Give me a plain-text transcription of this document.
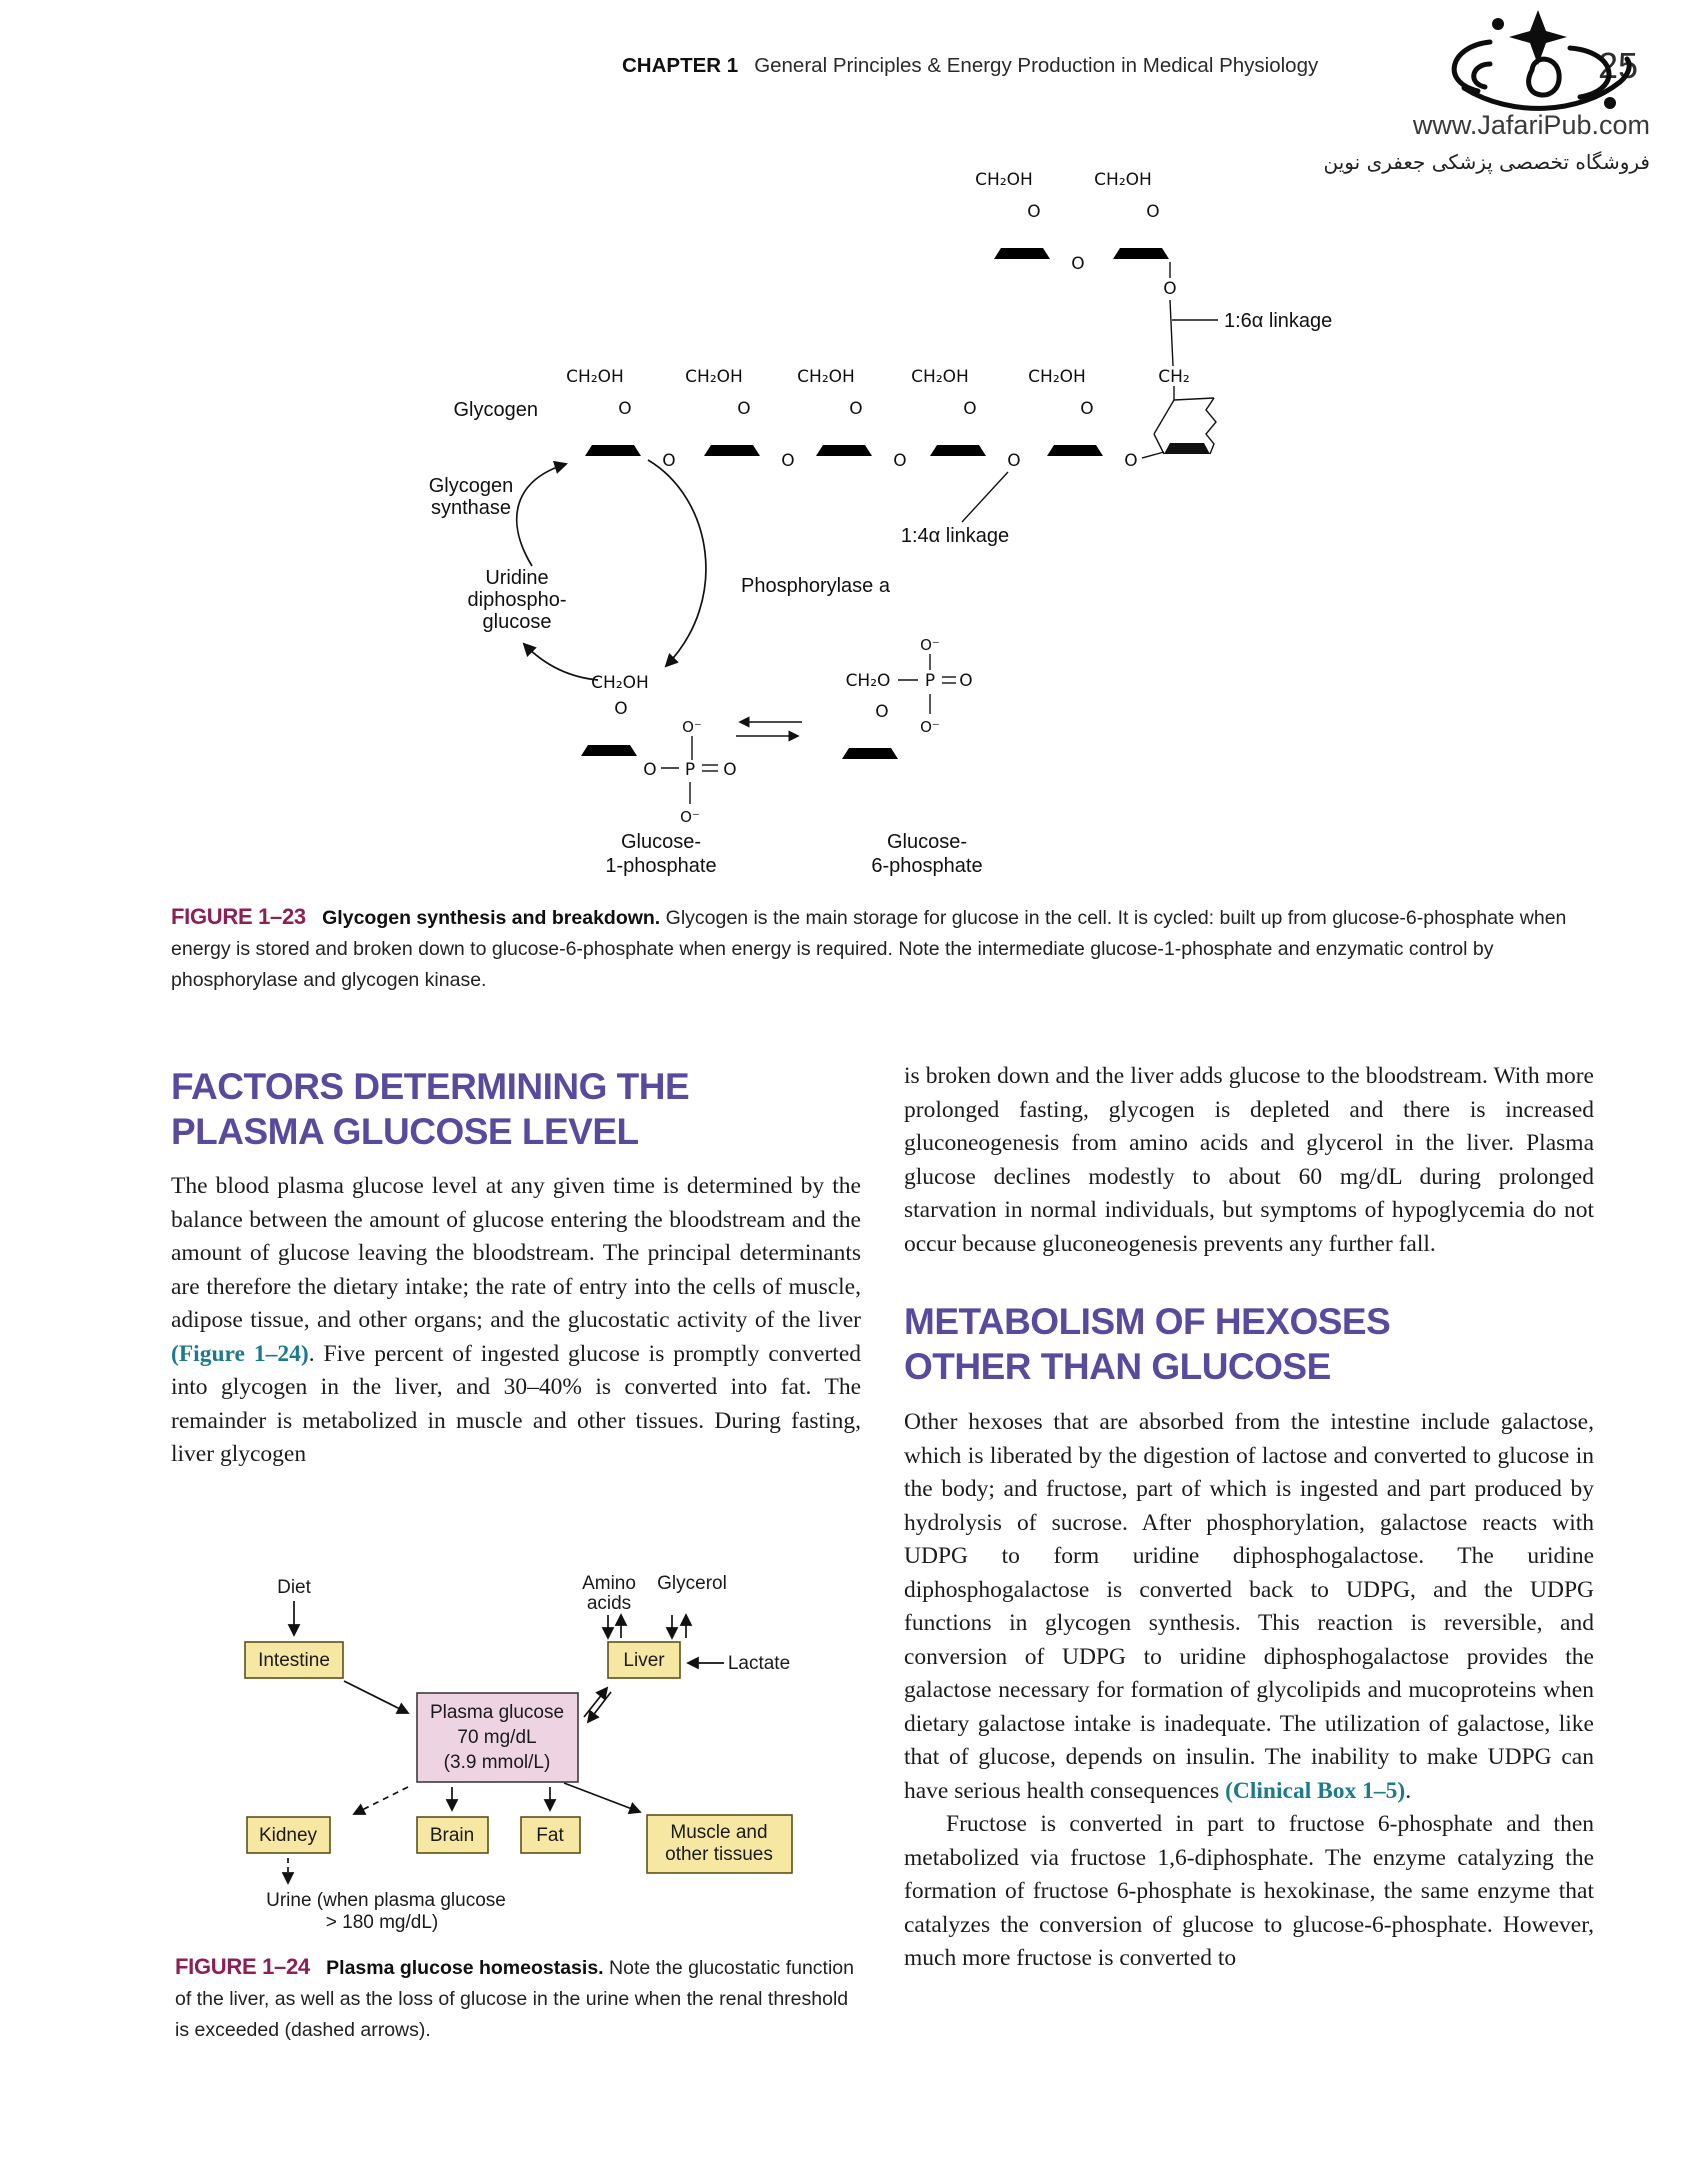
CHAPTER 1 General Principles & Energy Production in Medical Physiology	25
www.JafariPub.com
فروشگاه تخصصی پزشکی جعفری نوین
CH₂OH	CH₂OH
O	O
O
O
CH₂OH	CH₂OH	CH₂OH	CH₂OH	CH₂OH	CH₂
O	O	O	O	O
O	O	O	O	O
CH₂OH
O
O⁻
O P O
O⁻
CH₂O P O
O⁻
O⁻
O
Glycogen
Glycogen
synthase
Uridine
diphospho-
glucose
Phosphorylase a
1:6α linkage
1:4α linkage
Glucose-
1-phosphate
Glucose-
6-phosphate
FIGURE 1–23 Glycogen synthesis and breakdown. Glycogen is the main storage for glucose in the cell. It is cycled: built up from glucose-6-phosphate when energy is stored and broken down to glucose-6-phosphate when energy is required. Note the intermediate glucose-1-phosphate and enzymatic control by phosphorylase and glycogen kinase.
FACTORS DETERMINING THE
PLASMA GLUCOSE LEVEL

The blood plasma glucose level at any given time is determined by the balance between the amount of glucose entering the bloodstream and the amount of glucose leaving the bloodstream. The principal determinants are therefore the dietary intake; the rate of entry into the cells of muscle, adipose tissue, and other organs; and the glucostatic activity of the liver (Figure 1–24). Five percent of ingested glucose is promptly converted into glycogen in the liver, and 30–40% is converted into fat. The remainder is metabolized in muscle and other tissues. During fasting, liver glycogen

Diet
Intestine
Amino
acids
Glycerol
Liver	Lactate
Plasma glucose
70 mg/dL
(3.9 mmol/L)
Kidney	Brain	Fat	Muscle and
other tissues
Urine (when plasma glucose
> 180 mg/dL)
FIGURE 1–24 Plasma glucose homeostasis. Note the glucostatic function of the liver, as well as the loss of glucose in the urine when the renal threshold is exceeded (dashed arrows).

is broken down and the liver adds glucose to the bloodstream. With more prolonged fasting, glycogen is depleted and there is increased gluconeogenesis from amino acids and glycerol in the liver. Plasma glucose declines modestly to about 60 mg/dL during prolonged starvation in normal individuals, but symptoms of hypoglycemia do not occur because gluconeogenesis prevents any further fall.

METABOLISM OF HEXOSES
OTHER THAN GLUCOSE

Other hexoses that are absorbed from the intestine include galactose, which is liberated by the digestion of lactose and converted to glucose in the body; and fructose, part of which is ingested and part produced by hydrolysis of sucrose. After phosphorylation, galactose reacts with UDPG to form uridine diphosphogalactose. The uridine diphosphogalactose is converted back to UDPG, and the UDPG functions in glycogen synthesis. This reaction is reversible, and conversion of UDPG to uridine diphosphogalactose provides the galactose necessary for formation of glycolipids and mucoproteins when dietary galactose intake is inadequate. The utilization of galactose, like that of glucose, depends on insulin. The inability to make UDPG can have serious health consequences (Clinical Box 1–5).

Fructose is converted in part to fructose 6-phosphate and then metabolized via fructose 1,6-diphosphate. The enzyme catalyzing the formation of fructose 6-phosphate is hexokinase, the same enzyme that catalyzes the conversion of glucose to glucose-6-phosphate. However, much more fructose is converted to
